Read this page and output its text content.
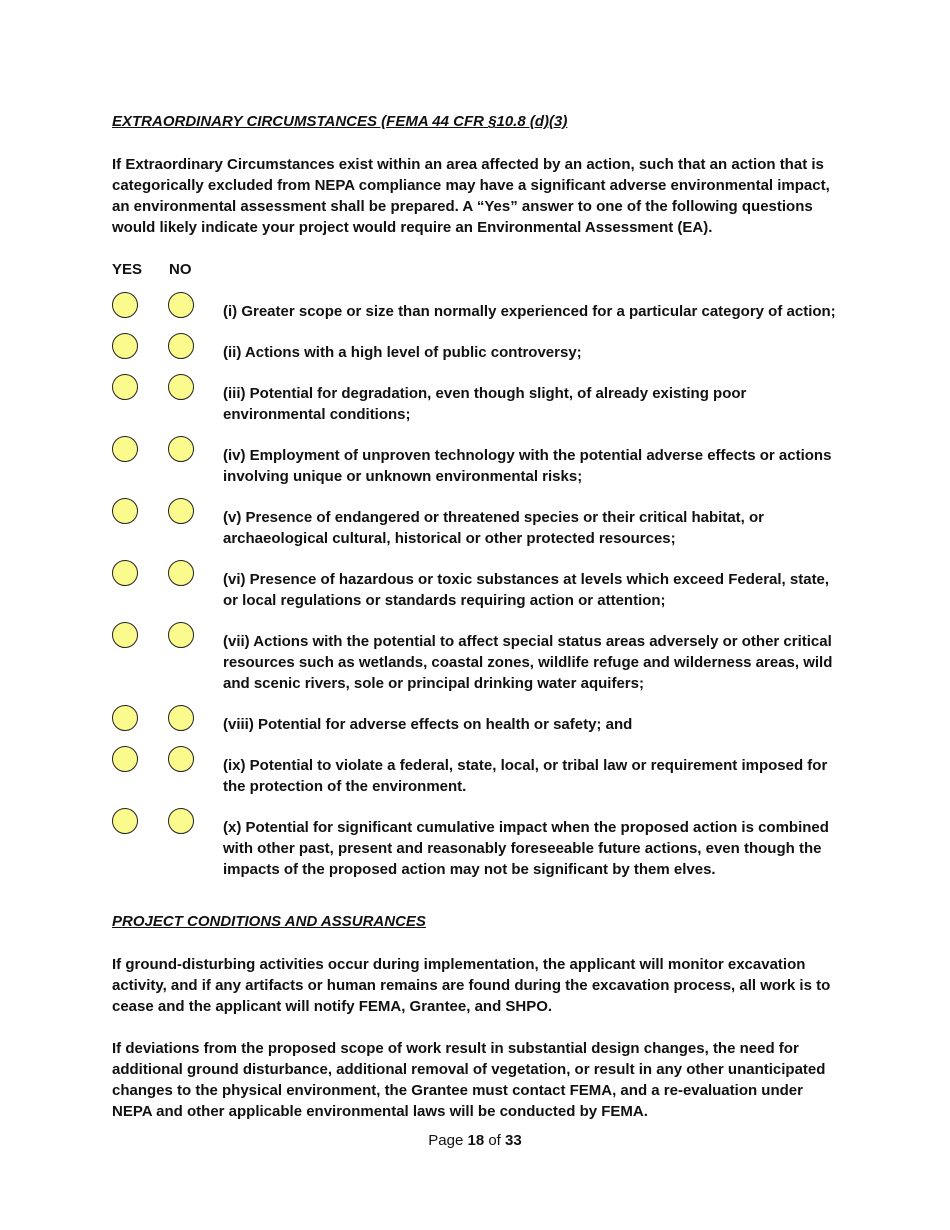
EXTRAORDINARY CIRCUMSTANCES (FEMA 44 CFR §10.8 (d)(3)

If Extraordinary Circumstances exist within an area affected by an action, such that an action that is categorically excluded from NEPA compliance may have a significant adverse environmental impact, an environmental assessment shall be prepared. A “Yes” answer to one of the following questions would likely indicate your project would require an Environmental Assessment (EA).

YES NO
(i) Greater scope or size than normally experienced for a particular category of action;
(ii) Actions with a high level of public controversy;
(iii) Potential for degradation, even though slight, of already existing poor environmental conditions;
(iv) Employment of unproven technology with the potential adverse effects or actions involving unique or unknown environmental risks;
(v) Presence of endangered or threatened species or their critical habitat, or archaeological cultural, historical or other protected resources;
(vi) Presence of hazardous or toxic substances at levels which exceed Federal, state, or local regulations or standards requiring action or attention;
(vii) Actions with the potential to affect special status areas adversely or other critical resources such as wetlands, coastal zones, wildlife refuge and wilderness areas, wild and scenic rivers, sole or principal drinking water aquifers;
(viii) Potential for adverse effects on health or safety; and
(ix) Potential to violate a federal, state, local, or tribal law or requirement imposed for the protection of the environment.
(x) Potential for significant cumulative impact when the proposed action is combined with other past, present and reasonably foreseeable future actions, even though the impacts of the proposed action may not be significant by them elves.

PROJECT CONDITIONS AND ASSURANCES

If ground-disturbing activities occur during implementation, the applicant will monitor excavation activity, and if any artifacts or human remains are found during the excavation process, all work is to cease and the applicant will notify FEMA, Grantee, and SHPO.

If deviations from the proposed scope of work result in substantial design changes, the need for additional ground disturbance, additional removal of vegetation, or result in any other unanticipated changes to the physical environment, the Grantee must contact FEMA, and a re-evaluation under NEPA and other applicable environmental laws will be conducted by FEMA.

Page 18 of 33
